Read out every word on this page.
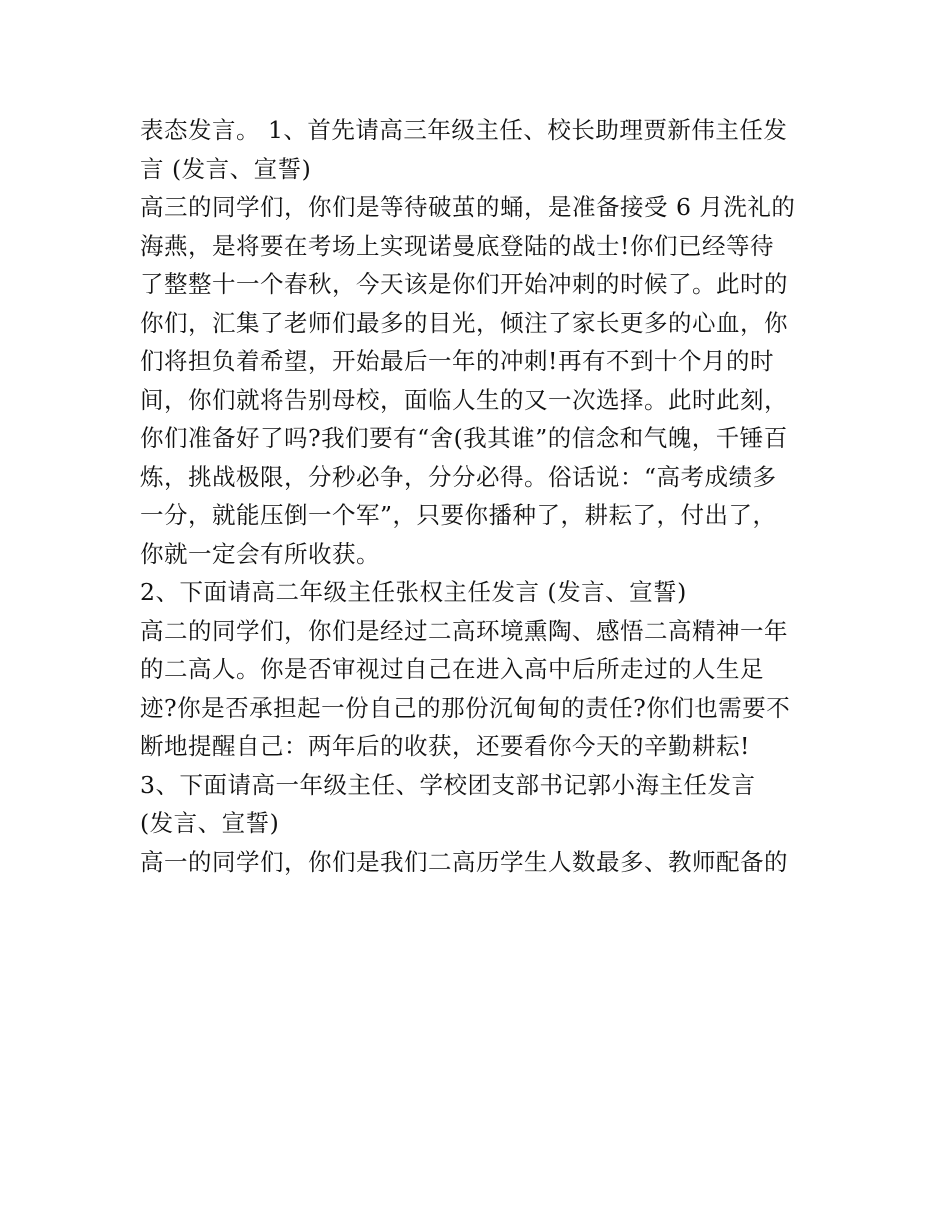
表态发言。 1、首先请高三年级主任、校长助理贾新伟主任发
言 (发言、宣誓)
高三的同学们，你们是等待破茧的蛹，是准备接受 6 月洗礼的
海燕，是将要在考场上实现诺曼底登陆的战士!你们已经等待
了整整十一个春秋，今天该是你们开始冲刺的时候了。此时的
你们，汇集了老师们最多的目光，倾注了家长更多的心血，你
们将担负着希望，开始最后一年的冲刺!再有不到十个月的时
间，你们就将告别母校，面临人生的又一次选择。此时此刻，
你们准备好了吗?我们要有“舍(我其谁”的信念和气魄，千锤百
炼，挑战极限，分秒必争，分分必得。俗话说：“高考成绩多
一分，就能压倒一个军”，只要你播种了，耕耘了，付出了，
你就一定会有所收获。
2、下面请高二年级主任张权主任发言 (发言、宣誓)
高二的同学们，你们是经过二高环境熏陶、感悟二高精神一年
的二高人。你是否审视过自己在进入高中后所走过的人生足
迹?你是否承担起一份自己的那份沉甸甸的责任?你们也需要不
断地提醒自己：两年后的收获，还要看你今天的辛勤耕耘!
3、下面请高一年级主任、学校团支部书记郭小海主任发言
(发言、宣誓)
高一的同学们，你们是我们二高历学生人数最多、教师配备的
